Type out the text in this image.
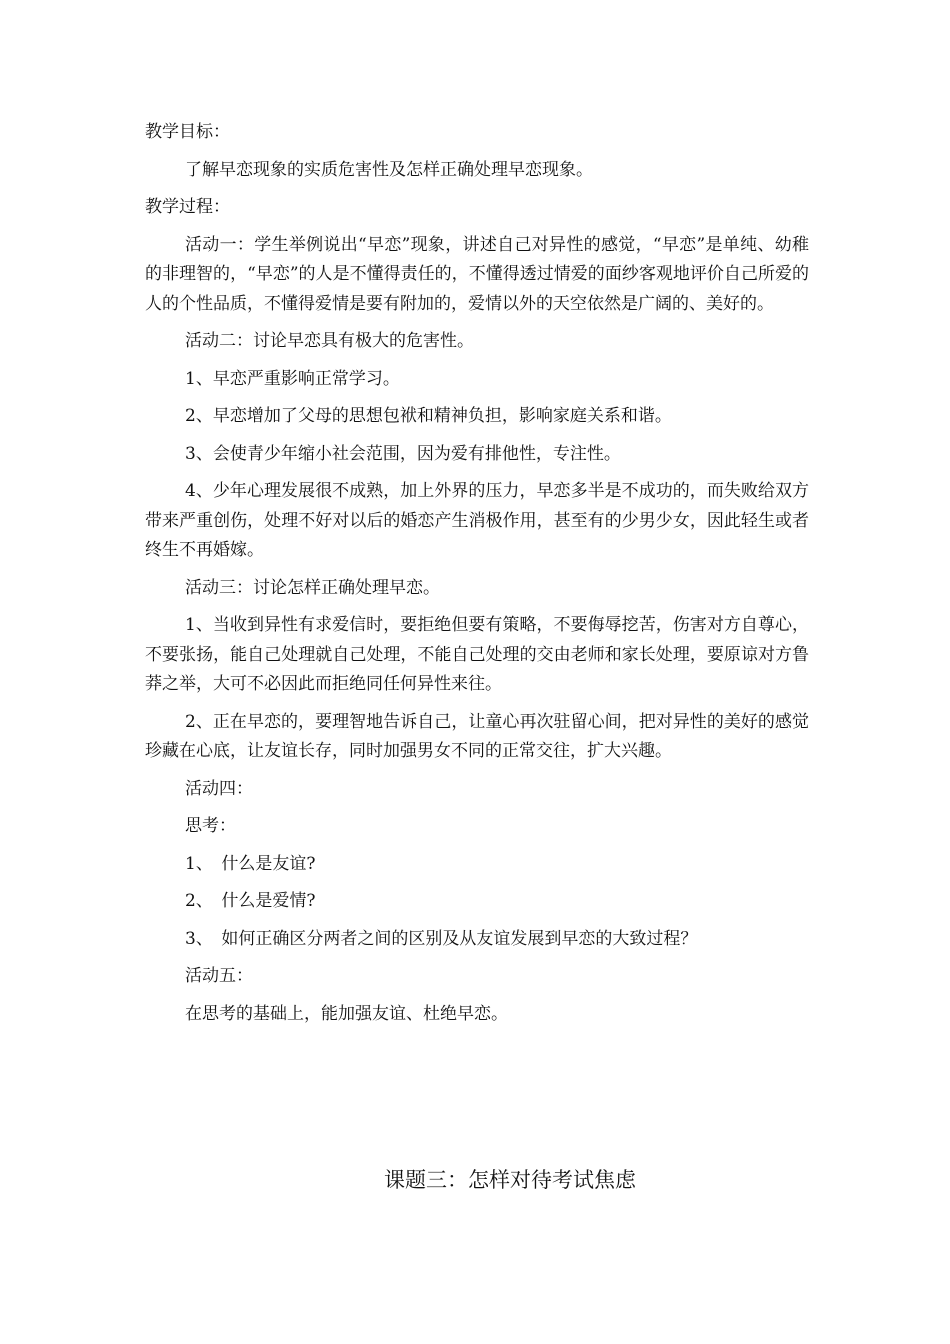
教学目标：
了解早恋现象的实质危害性及怎样正确处理早恋现象。
教学过程：

活动一：学生举例说出“早恋”现象，讲述自己对异性的感觉，“早恋”是单纯、幼稚的非理智的，“早恋”的人是不懂得责任的，不懂得透过情爱的面纱客观地评价自己所爱的人的个性品质，不懂得爱情是要有附加的，爱情以外的天空依然是广阔的、美好的。

活动二：讨论早恋具有极大的危害性。
1、早恋严重影响正常学习。
2、早恋增加了父母的思想包袱和精神负担，影响家庭关系和谐。
3、会使青少年缩小社会范围，因为爱有排他性，专注性。

4、少年心理发展很不成熟，加上外界的压力，早恋多半是不成功的，而失败给双方带来严重创伤，处理不好对以后的婚恋产生消极作用，甚至有的少男少女，因此轻生或者终生不再婚嫁。

活动三：讨论怎样正确处理早恋。

1、当收到异性有求爱信时，要拒绝但要有策略，不要侮辱挖苦，伤害对方自尊心，不要张扬，能自己处理就自己处理，不能自己处理的交由老师和家长处理，要原谅对方鲁莽之举，大可不必因此而拒绝同任何异性来往。

2、正在早恋的，要理智地告诉自己，让童心再次驻留心间，把对异性的美好的感觉珍藏在心底，让友谊长存，同时加强男女不同的正常交往，扩大兴趣。

活动四：
思考：
1、　什么是友谊?
2、　什么是爱情?
3、　如何正确区分两者之间的区别及从友谊发展到早恋的大致过程？
活动五：
在思考的基础上，能加强友谊、杜绝早恋。
课题三：怎样对待考试焦虑
